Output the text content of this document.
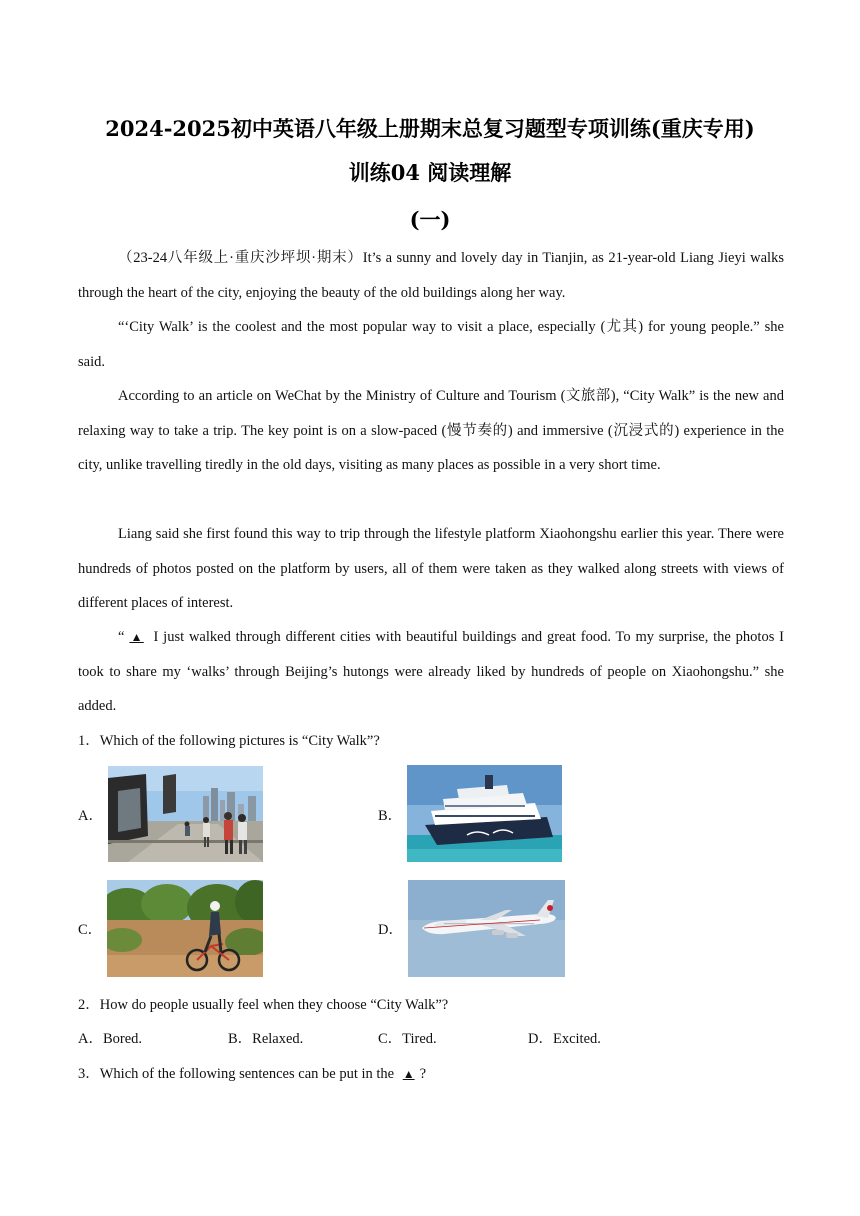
2024-2025初中英语八年级上册期末总复习题型专项训练(重庆专用)
训练04 阅读理解
(一)

（23-24八年级上·重庆沙坪坝·期末）It’s a sunny and lovely day in Tianjin, as 21-year-old Liang Jieyi walks through the heart of the city, enjoying the beauty of the old buildings along her way.

“‘City Walk’ is the coolest and the most popular way to visit a place, especially (尤其) for young people.” she said.

According to an article on WeChat by the Ministry of Culture and Tourism (文旅部), “City Walk” is the new and relaxing way to take a trip. The key point is on a slow-paced (慢节奏的) and immersive (沉浸式的) experience in the city, unlike travelling tiredly in the old days, visiting as many places as possible in a very short time.

Liang said she first found this way to trip through the lifestyle platform Xiaohongshu earlier this year. There were hundreds of photos posted on the platform by users, all of them were taken as they walked along streets with views of different places of interest.

“ ▲ I just walked through different cities with beautiful buildings and great food. To my surprise, the photos I took to share my ‘walks’ through Beijing’s hutongs were already liked by hundreds of people on Xiaohongshu.” she added.

1．Which of the following pictures is “City Walk”?
A．	B．
C．	D．
2．How do people usually feel when they choose “City Walk”?
A．Bored.	B．Relaxed.	C．Tired.	D．Excited.
3．Which of the following sentences can be put in the ▲ ?
